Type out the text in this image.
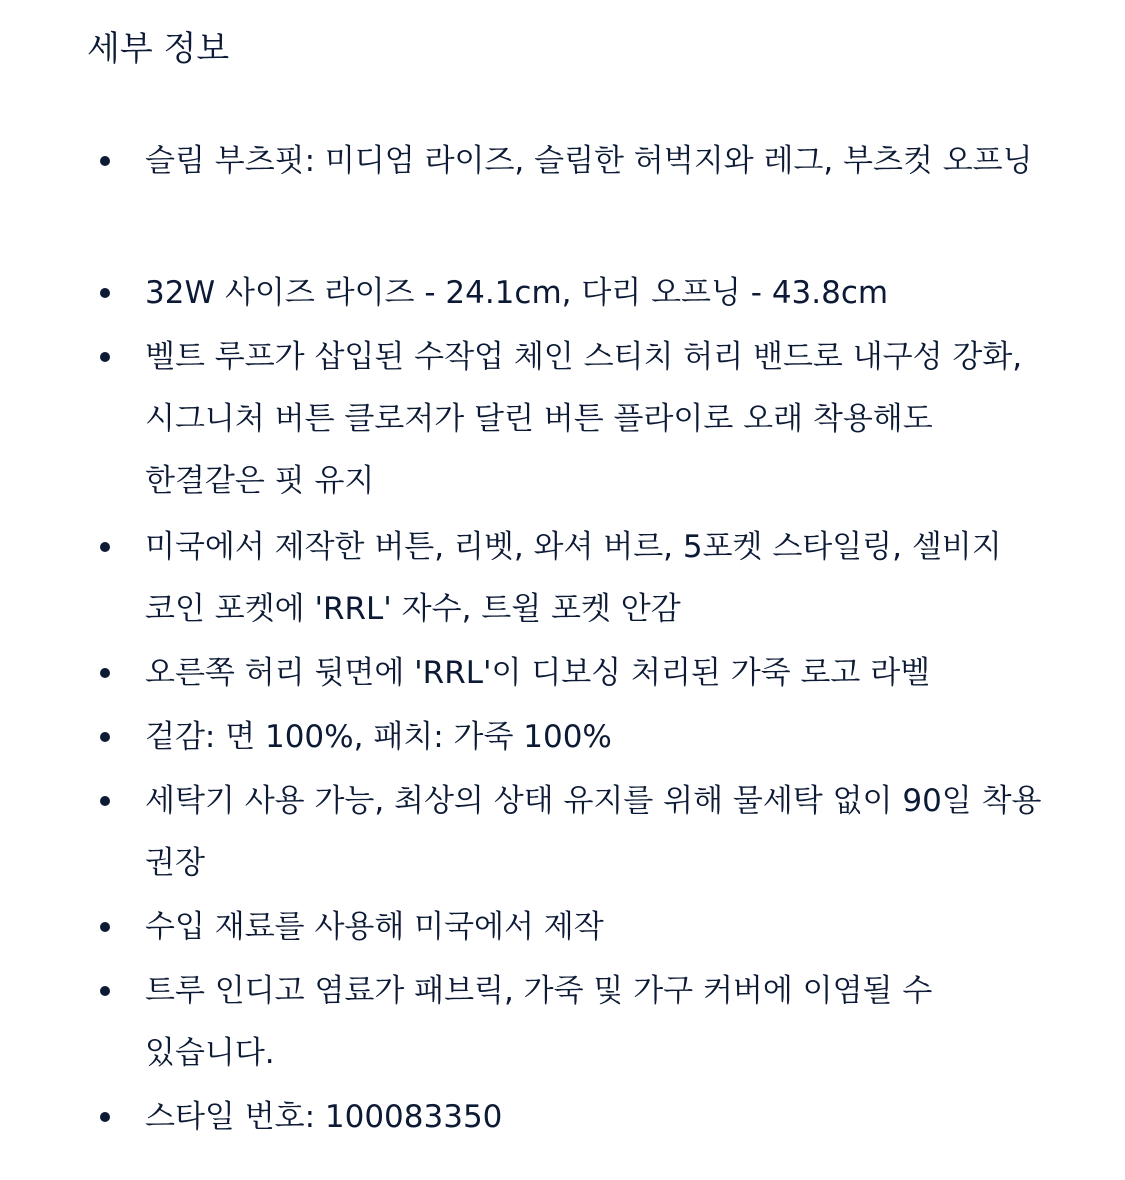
세부 정보
슬림 부츠핏: 미디엄 라이즈, 슬림한 허벅지와 레그, 부츠컷 오프닝
32W 사이즈 라이즈 - 24.1cm, 다리 오프닝 - 43.8cm
벨트 루프가 삽입된 수작업 체인 스티치 허리 밴드로 내구성 강화, 시그니처 버튼 클로저가 달린 버튼 플라이로 오래 착용해도 한결같은 핏 유지
미국에서 제작한 버튼, 리벳, 와셔 버르, 5포켓 스타일링, 셀비지 코인 포켓에 'RRL' 자수, 트윌 포켓 안감
오른쪽 허리 뒷면에 'RRL'이 디보싱 처리된 가죽 로고 라벨
겉감: 면 100%, 패치: 가죽 100%
세탁기 사용 가능, 최상의 상태 유지를 위해 물세탁 없이 90일 착용 권장
수입 재료를 사용해 미국에서 제작
트루 인디고 염료가 패브릭, 가죽 및 가구 커버에 이염될 수 있습니다.
스타일 번호: 100083350
